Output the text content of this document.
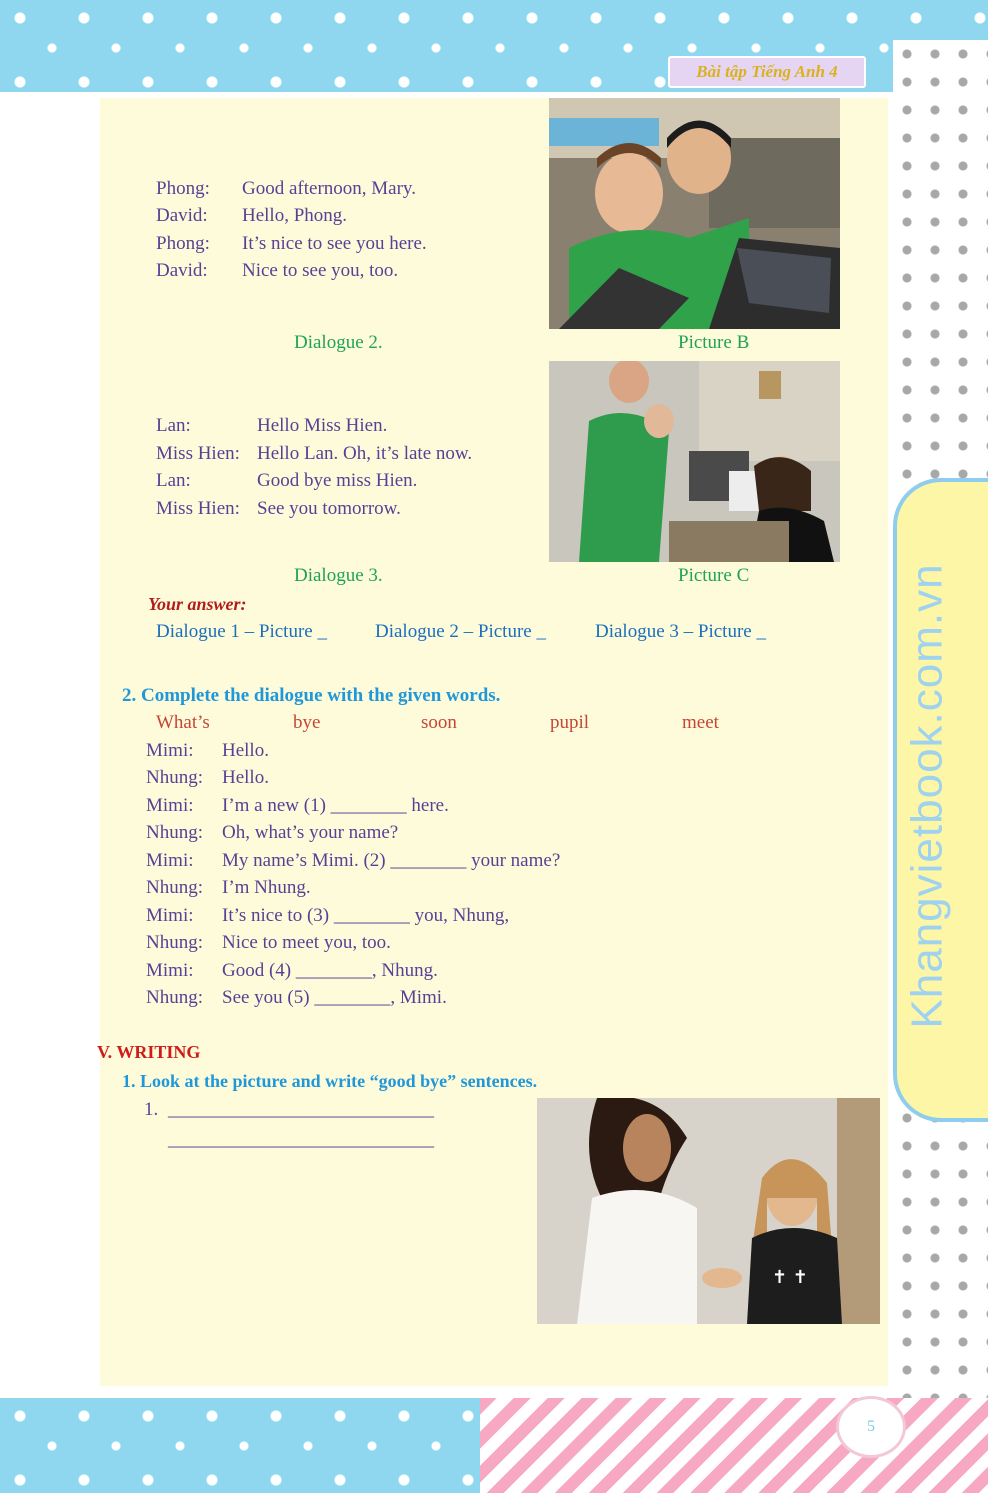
Bài tập Tiếng Anh 4
Khangvietbook.com.vn
5
✝ ✝
Phong: Good afternoon, Mary.
David: Hello, Phong.
Phong: It’s nice to see you here.
David: Nice to see you, too.
Dialogue 2.	Picture B
Lan:	Hello Miss Hien.
Miss Hien: Hello Lan. Oh, it’s late now.
Lan:	Good bye miss Hien.
Miss Hien: See you tomorrow.
Dialogue 3.	Picture C
Your answer:
Dialogue 1 – Picture _	Dialogue 2 – Picture _	Dialogue 3 – Picture _
2. Complete the dialogue with the given words.
What’s	bye	soon	pupil	meet
Mimi: Hello.
Nhung: Hello.
Mimi: I’m a new (1) ________ here.
Nhung: Oh, what’s your name?
Mimi: My name’s Mimi. (2) ________ your name?
Nhung: I’m Nhung.
Mimi: It’s nice to (3) ________ you, Nhung,
Nhung: Nice to meet you, too.
Mimi: Good (4) ________, Nhung.
Nhung: See you (5) ________, Mimi.
V. WRITING
1. Look at the picture and write “good bye” sentences.
1. ____________________________
____________________________
